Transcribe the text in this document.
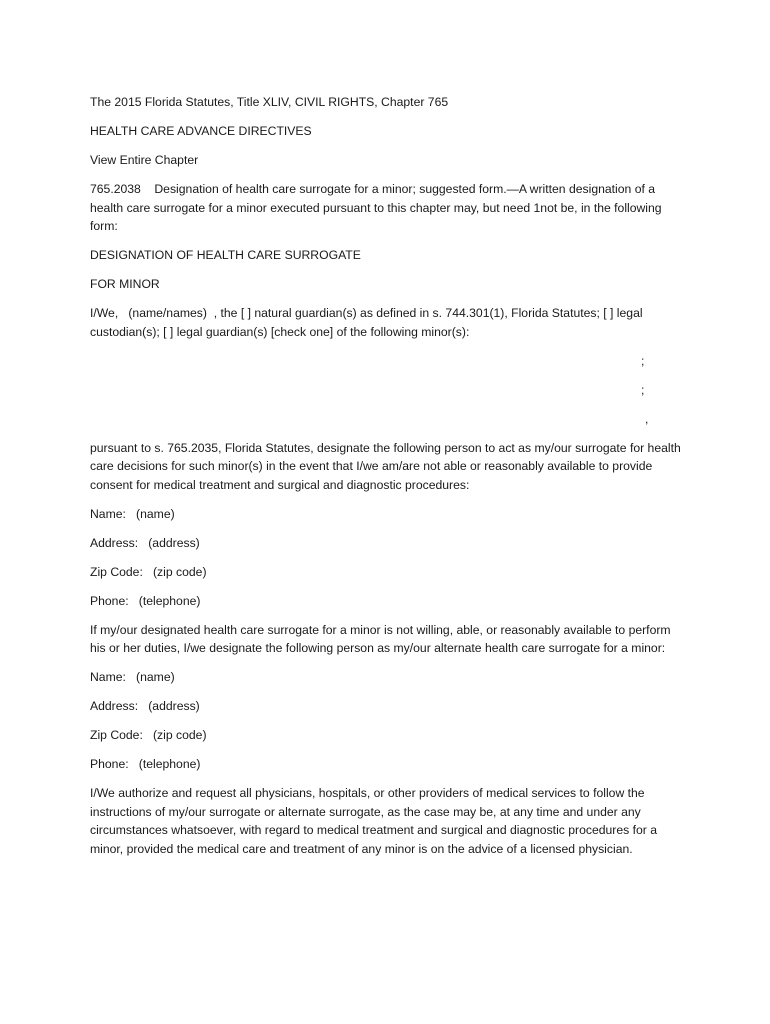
The 2015 Florida Statutes, Title XLIV, CIVIL RIGHTS, Chapter 765

HEALTH CARE ADVANCE DIRECTIVES

View Entire Chapter

765.2038    Designation of health care surrogate for a minor; suggested form.—A written designation of a health care surrogate for a minor executed pursuant to this chapter may, but need 1not be, in the following form:

DESIGNATION OF HEALTH CARE SURROGATE

FOR MINOR

I/We,   (name/names)  , the [ ] natural guardian(s) as defined in s. 744.301(1), Florida Statutes; [ ] legal custodian(s); [ ] legal guardian(s) [check one] of the following minor(s):

;
;
,

pursuant to s. 765.2035, Florida Statutes, designate the following person to act as my/our surrogate for health care decisions for such minor(s) in the event that I/we am/are not able or reasonably available to provide consent for medical treatment and surgical and diagnostic procedures:

Name:   (name)

Address:   (address)

Zip Code:   (zip code)

Phone:   (telephone)

If my/our designated health care surrogate for a minor is not willing, able, or reasonably available to perform his or her duties, I/we designate the following person as my/our alternate health care surrogate for a minor:

Name:   (name)

Address:   (address)

Zip Code:   (zip code)

Phone:   (telephone)

I/We authorize and request all physicians, hospitals, or other providers of medical services to follow the instructions of my/our surrogate or alternate surrogate, as the case may be, at any time and under any circumstances whatsoever, with regard to medical treatment and surgical and diagnostic procedures for a minor, provided the medical care and treatment of any minor is on the advice of a licensed physician.
